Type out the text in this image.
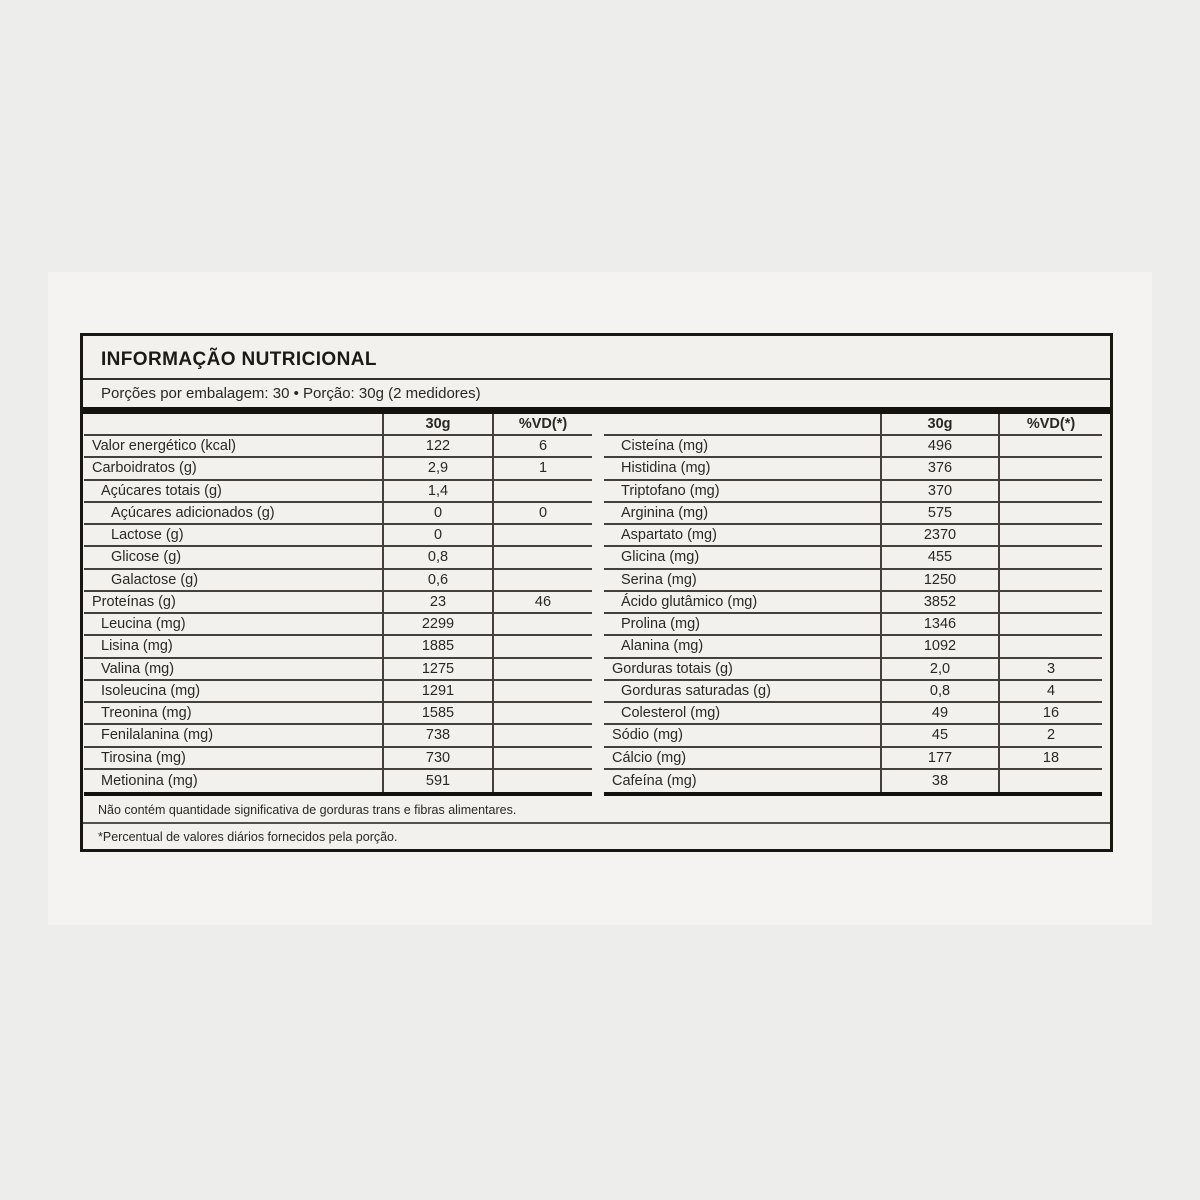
INFORMAÇÃO NUTRICIONAL
Porções por embalagem: 30 • Porção: 30g (2 medidores)
30g	%VD(*)
Valor energético (kcal)	122	6
Carboidratos (g)	2,9	1
Açúcares totais (g)	1,4
Açúcares adicionados (g)	0	0
Lactose (g)	0
Glicose (g)	0,8
Galactose (g)	0,6
Proteínas (g)	23	46
Leucina (mg)	2299
Lisina (mg)	1885
Valina (mg)	1275
Isoleucina (mg)	1291
Treonina (mg)	1585
Fenilalanina (mg)	738
Tirosina (mg)	730
Metionina (mg)	591
30g	%VD(*)
Cisteína (mg)	496
Histidina (mg)	376
Triptofano (mg)	370
Arginina (mg)	575
Aspartato (mg)	2370
Glicina (mg)	455
Serina (mg)	1250
Ácido glutâmico (mg)	3852
Prolina (mg)	1346
Alanina (mg)	1092
Gorduras totais (g)	2,0	3
Gorduras saturadas (g)	0,8	4
Colesterol (mg)	49	16
Sódio (mg)	45	2
Cálcio (mg)	177	18
Cafeína (mg)	38
Não contém quantidade significativa de gorduras trans e fibras alimentares.
*Percentual de valores diários fornecidos pela porção.
